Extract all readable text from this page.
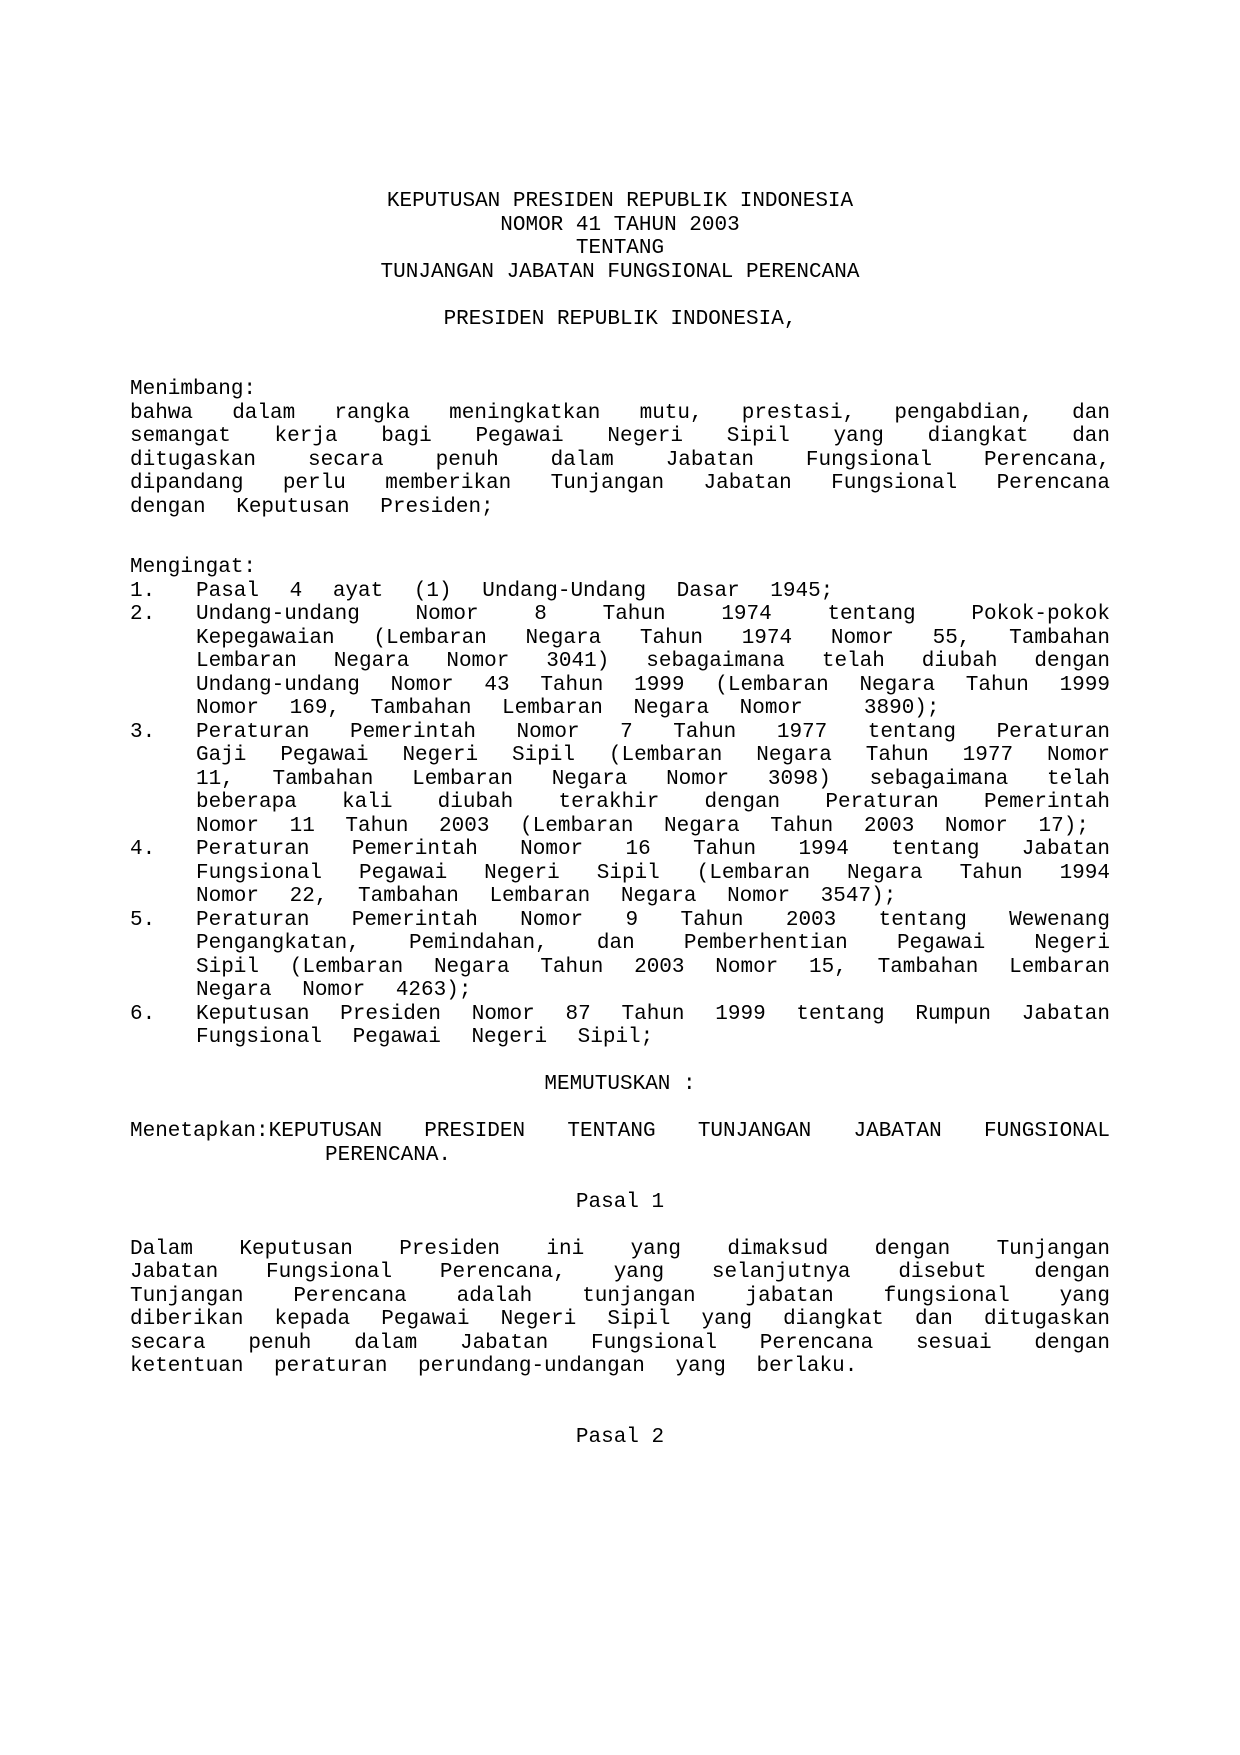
KEPUTUSAN PRESIDEN REPUBLIK INDONESIA
NOMOR 41 TAHUN 2003
TENTANG
TUNJANGAN JABATAN FUNGSIONAL PERENCANA
PRESIDEN REPUBLIK INDONESIA,
Menimbang:
bahwa dalam rangka meningkatkan mutu, prestasi, pengabdian, dan semangat kerja bagi Pegawai Negeri Sipil yang diangkat dan ditugaskan secara penuh dalam Jabatan Fungsional Perencana, dipandang perlu memberikan Tunjangan Jabatan Fungsional Perencana dengan Keputusan Presiden;
Mengingat:
1. Pasal 4 ayat (1) Undang-Undang Dasar 1945;
2. Undang-undang Nomor 8 Tahun 1974 tentang Pokok-pokok Kepegawaian (Lembaran Negara Tahun 1974 Nomor 55, Tambahan Lembaran Negara Nomor 3041) sebagaimana telah diubah dengan Undang-undang Nomor 43 Tahun 1999 (Lembaran Negara Tahun 1999 Nomor 169, Tambahan Lembaran Negara Nomor  3890);
3. Peraturan Pemerintah Nomor 7 Tahun 1977 tentang Peraturan Gaji Pegawai Negeri Sipil (Lembaran Negara Tahun 1977 Nomor 11, Tambahan Lembaran Negara Nomor 3098) sebagaimana telah beberapa kali diubah terakhir dengan Peraturan Pemerintah Nomor 11 Tahun 2003 (Lembaran Negara Tahun 2003 Nomor 17);
4. Peraturan Pemerintah Nomor 16 Tahun 1994 tentang Jabatan Fungsional Pegawai Negeri Sipil (Lembaran Negara Tahun 1994 Nomor 22, Tambahan Lembaran Negara Nomor 3547);
5. Peraturan Pemerintah Nomor 9 Tahun 2003 tentang Wewenang Pengangkatan, Pemindahan, dan Pemberhentian Pegawai Negeri Sipil (Lembaran Negara Tahun 2003 Nomor 15, Tambahan Lembaran Negara Nomor 4263);
6. Keputusan Presiden Nomor 87 Tahun 1999 tentang Rumpun Jabatan Fungsional Pegawai Negeri Sipil;
MEMUTUSKAN :
Menetapkan:KEPUTUSAN PRESIDEN TENTANG TUNJANGAN JABATAN FUNGSIONAL PERENCANA.
Pasal 1
Dalam Keputusan Presiden ini yang dimaksud dengan Tunjangan Jabatan Fungsional Perencana, yang selanjutnya disebut dengan Tunjangan Perencana adalah tunjangan jabatan fungsional yang diberikan kepada Pegawai Negeri Sipil yang diangkat dan ditugaskan secara penuh dalam Jabatan Fungsional Perencana sesuai dengan ketentuan peraturan perundang-undangan yang berlaku.
Pasal 2
